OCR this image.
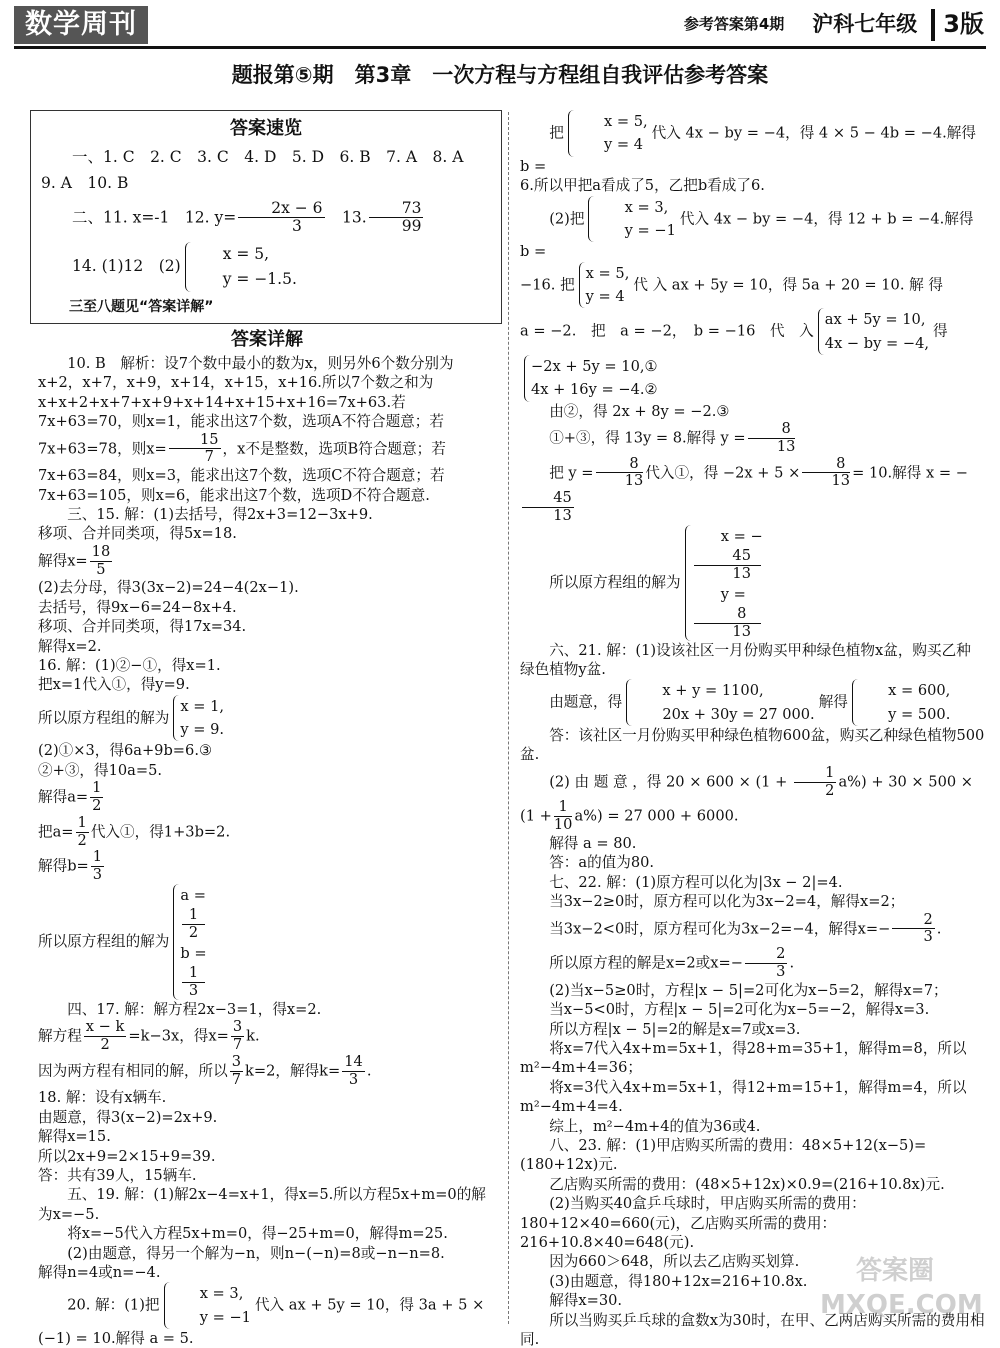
数学周刊	参考答案第4期 沪科七年级	3版
题报第⑤期　第3章　一次方程与方程组自我评估参考答案
答案速览

一、1. C　2. C　3. C　4. D　5. D　6. B　7. A　8. A

9. A　10. B

二、11. x=-1　12. $y= \frac{2x - 6}{3}$ 　13. $\frac{73}{99}$

14. (1)12　(2)
x = 5,
y = −1.5.

三至八题见“答案详解”

答案详解
10. B　解析：设7个数中最小的数为x，则另外6个数分别为x+2，x+7，x+9，x+14，x+15，x+16.所以7个数之和为x+x+2+x+7+x+9+x+14+x+15+x+16=7x+63.若7x+63=70，则x=1，能求出这7个数，选项A不符合题意；若7x+63=78，则$x= \frac{15}{7}$ ，x不是整数，选项B符合题意；若7x+63=84，则x=3，能求出这7个数，选项C不符合题意；若7x+63=105，则x=6，能求出这7个数，选项D不符合题意.
三、15. 解：(1)去括号，得2x+3=12−3x+9.
移项、合并同类项，得5x=18.
解得$x= \frac{18}{5}$
(2)去分母，得3(3x−2)=24−4(2x−1).
去括号，得9x−6=24−8x+4.
移项、合并同类项，得17x=34.
解得x=2.
16. 解：(1)②−①，得x=1.
把x=1代入①，得y=9.
所以原方程组的解为
x = 1,
y = 9.
(2)①×3，得6a+9b=6.③
②+③，得10a=5.
解得$a= \frac{1}{2}$
把$a= \frac{1}{2}$ 代入①，得1+3b=2.
解得$b= \frac{1}{3}$
所以原方程组的解为
a =
1
2
b =
1
3
四、17. 解：解方程2x−3=1，得x=2.
解方程 $\frac{x - k}{2} =k-3x$，得$x= \frac{3}{7} k$.
因为两方程有相同的解，所以 $\frac{3}{7} k=2$，解得$k= \frac{14}{3}$ .
18. 解：设有x辆车.
由题意，得3(x−2)=2x+9.
解得x=15.
所以2x+9=2×15+9=39.
答：共有39人，15辆车.
五、19. 解：(1)解2x−4=x+1，得x=5.所以方程5x+m=0的解为x=−5.
将x=−5代入方程5x+m=0，得−25+m=0，解得m=25.
(2)由题意，得另一个解为−n，则n−(−n)=8或−n−n=8.
解得n=4或n=−4.
20. 解：(1)把
x = 3,
y = −1
代入 ax + 5y = 10，得 3a + 5 ×
(−1) = 10.解得 a = 5.
把
x = 5,
y = 4
代入 4x − by = −4，得 4 × 5 − 4b = −4.解得 b =
6.所以甲把a看成了5，乙把b看成了6.
(2)把
x = 3,
y = −1
代入 4x − by = −4，得 12 + b = −4.解得 b =
−16. 把
x = 5,
y = 4
代 入 ax + 5y = 10，得 5a + 20 = 10. 解 得
a = −2.　把　a = −2，　b = −16　代　入
ax + 5y = 10,
4x − by = −4,
得
−2x + 5y = 10,①
4x + 16y = −4.②
由②，得 2x + 8y = −2.③
①+③，得 13y = 8.解得 $y = \frac{8}{13}$
把 $y = \frac{8}{13}$ 代入①，得 $-2x + 5 \times \frac{8}{13} = 10$.解得 x = −
$\frac{45}{13}$
所以原方程组的解为
x = −
45
13
y =
8
13
六、21. 解：(1)设该社区一月份购买甲种绿色植物x盆，购买乙种绿色植物y盆.
由题意，得
x + y = 1100,
20x + 30y = 27 000.
解得
x = 600,
y = 500.
答：该社区一月份购买甲种绿色植物600盆，购买乙种绿色植物500盆.
(2) 由 题 意 ，得 $20 \times 600 \times (1 + \frac{1}{2} a\%) + 30 \times 500$ ×
$(1 + \frac{1}{10} a\%) = 27$ 000 + 6000.
解得 a = 80.
答：a的值为80.
七、22. 解：(1)原方程可以化为|3x − 2|=4.
当3x−2≥0时，原方程可以化为3x−2=4，解得x=2；
当3x−2<0时，原方程可化为3x−2=−4，解得$x=- \frac{2}{3}$ .
所以原方程的解是x=2或$x=- \frac{2}{3}$ .
(2)当x−5≥0时，方程|x − 5|=2可化为x−5=2，解得x=7；
当x−5<0时，方程|x − 5|=2可化为x−5=−2，解得x=3.
所以方程|x − 5|=2的解是x=7或x=3.
将x=7代入4x+m=5x+1，得28+m=35+1，解得m=8，所以m²−4m+4=36；
将x=3代入4x+m=5x+1，得12+m=15+1，解得m=4，所以m²−4m+4=4.
综上，m²−4m+4的值为36或4.
八、23. 解：(1)甲店购买所需的费用：48×5+12(x−5)=(180+12x)元.
乙店购买所需的费用：(48×5+12x)×0.9=(216+10.8x)元.
(2)当购买40盒乒乓球时，甲店购买所需的费用：180+12×40=660(元)，乙店购买所需的费用：216+10.8×40=648(元).
因为660＞648，所以去乙店购买划算.
(3)由题意，得180+12x=216+10.8x.
解得x=30.
所以当购买乒乓球的盒数x为30时，在甲、乙两店购买所需的费用相同.
答案圈 MXQE.COM
